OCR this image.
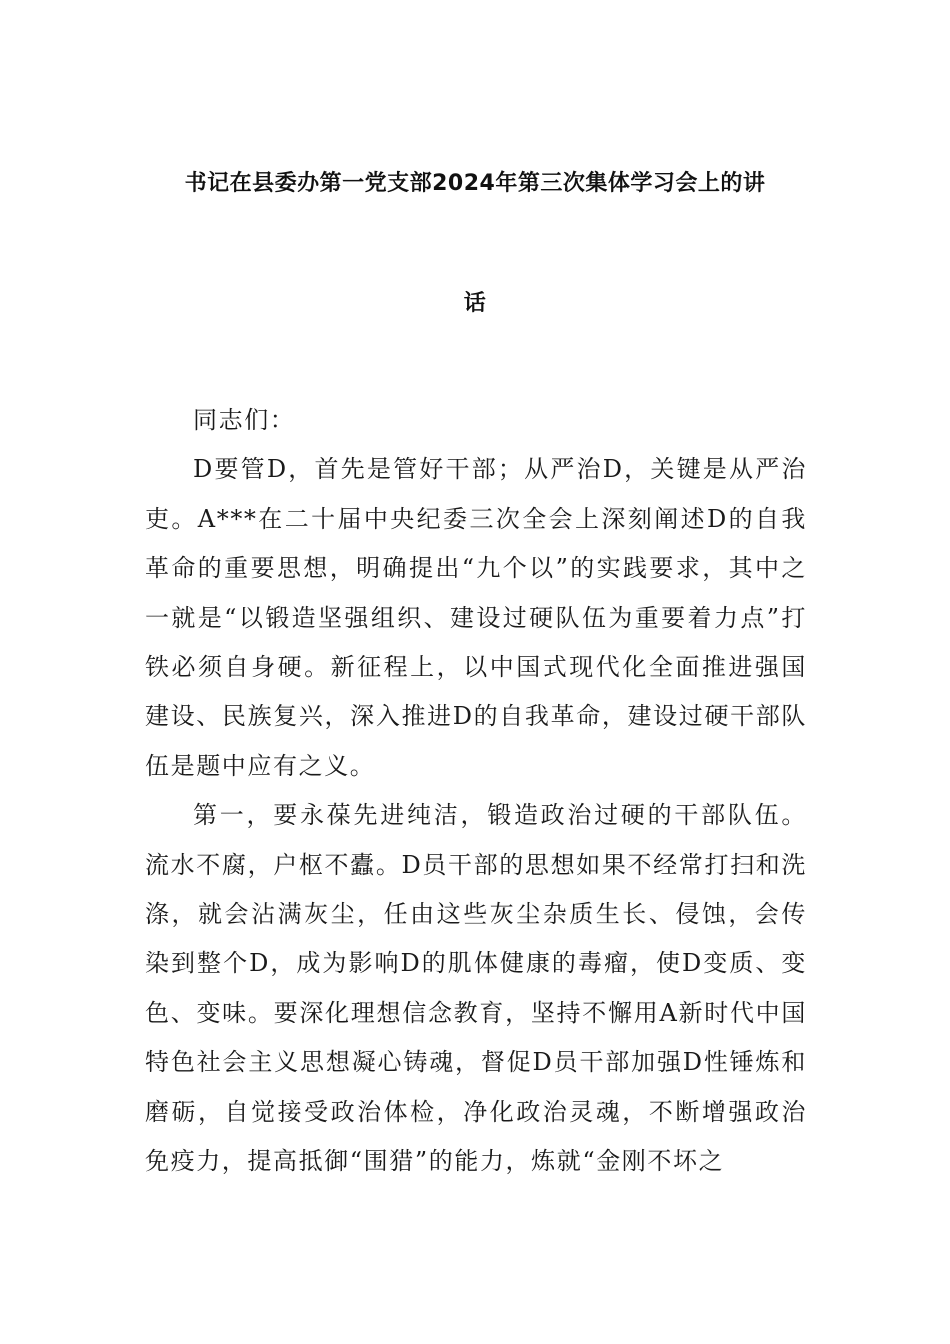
书记在县委办第一党支部2024年第三次集体学习会上的讲
话

同志们：

D要管D，首先是管好干部；从严治D，关键是从严治吏。A***在二十届中央纪委三次全会上深刻阐述D的自我革命的重要思想，明确提出“九个以”的实践要求，其中之一就是“以锻造坚强组织、建设过硬队伍为重要着力点”打铁必须自身硬。新征程上，以中国式现代化全面推进强国建设、民族复兴，深入推进D的自我革命，建设过硬干部队伍是题中应有之义。

第一，要永葆先进纯洁，锻造政治过硬的干部队伍。流水不腐，户枢不蠹。D员干部的思想如果不经常打扫和洗涤，就会沾满灰尘，任由这些灰尘杂质生长、侵蚀，会传染到整个D，成为影响D的肌体健康的毒瘤，使D变质、变色、变味。要深化理想信念教育，坚持不懈用A新时代中国特色社会主义思想凝心铸魂，督促D员干部加强D性锤炼和磨砺，自觉接受政治体检，净化政治灵魂，不断增强政治免疫力，提高抵御“围猎”的能力，炼就“金刚不坏之
